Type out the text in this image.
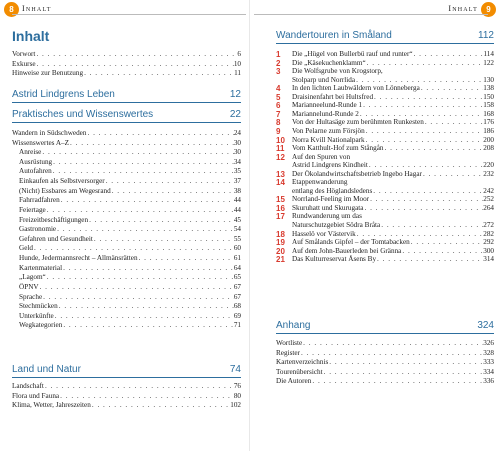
8	Inhalt
Inhalt
Vorwort . . .	6
Exkurse . . .	10
Hinweise zur Benutzung . . .	11
Astrid Lindgrens Leben	12
Praktisches und Wissenswertes	22
Wandern in Südschweden . . .	24
Wissenswertes A–Z . . .	30
Anreise . . .	30
Ausrüstung . . .	34
Autofahren . . .	35
Einkaufen als Selbstversorger . . .	37
(Nicht) Essbares am Wegesrand . . .	38
Fahrradfahren . . .	44
Feiertage . . .	44
Freizeitbeschäftigungen . . .	45
Gastronomie . . .	54
Gefahren und Gesundheit . . .	55
Geld . . .	60
Hunde, Jedermannsrecht – Allmänsrätten . . .	61
Kartenmaterial . . .	64
„Lagom“ . . .	65
ÖPNV . . .	67
Sprache . . .	67
Stechmücken . . .	68
Unterkünfte . . .	69
Wegkategorien . . .	71
Land und Natur	74
Landschaft . . .	76
Flora und Fauna . . .	80
Klima, Wetter, Jahreszeiten . . .	102
Inhalt	9
Wandertouren in Småland	112
1	Die „Hügel von Bullerbü rauf und runter“ . . .	114
2	Die „Käsekuchenklamm“ . . .	122
3	Die Wolfsgrube von Krogstorp,
Stolparp und Norrlida . . .	130
4	In den lichten Laubwäldern von Lönneberga . . .	138
5	Draisinenfahrt bei Hultsfred . . .	150
6	Marianneelund-Runde 1 . . .	158
7	Mariannelund-Runde 2 . . .	168
8	Von der Hultasäge zum berühmten Runkesten . . .	176
9	Von Pelarne zum Försjön . . .	186
10 Norra Kvill Nationalpark . . .	200
11	Vom Katthult-Hof zum Stångån . . .	208
12 Auf den Spuren von
Astrid Lindgrens Kindheit . . .	220
13 Der Ökolandwirtschaftsbetrieb Ingebo Hagar . . .	232
14 Etappenwanderung
entlang des Höglandsledens . . .	242
15 Norrland-Feeling im Moor . . .	252
16 Skuruhatt und Skurugata . . .	264
17 Rundwanderung um das
Naturschutzgebiet Södra Bråta . . .	272
18 Hasselö vor Västervik . . .	282
19 Auf Smålands Gipfel – der Tomtabacken . . .	292
20 Auf dem John-Bauerleden bei Gränna . . .	300
21 Das Kulturreservat Åsens By . . .	314
Anhang	324
Wortliste . . .	326
Register . . .	328
Kartenverzeichnis . . .	333
Tourenübersicht . . .	334
Die Autoren . . .	336
